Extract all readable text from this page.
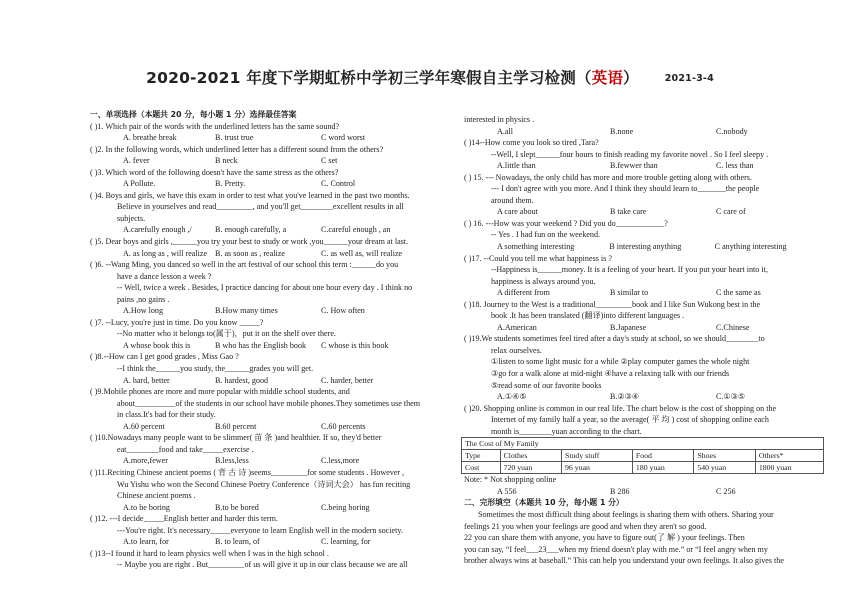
2020-2021 年度下学期虹桥中学初三学年寒假自主学习检测（英语）	2021-3-4
一、单项选择（本题共 20 分，每小题 1 分）选择最佳答案
( )1. Which pair of the words with the underlined letters has the same sound?
A. breathe break	B. trust true	C word worst
( )2. In the following words, which underlined letter has a different sound from the others?
A. fever	B neck	C set
( )3. Which word of the following doesn't have the same stress as the others?
A Pollute.	B. Pretty.	C. Control
( )4. Boys and girls, we have this exam in order to test what you've learned in the past two months.
Believe in yourselves and read_________, and you'll get________excellent results in all
subjects.
A.carefully enough ,/	B. enough carefully, a	C.careful enough , an
( )5. Dear boys and girls ,______you try your best to study or work ,you______your dream at last.
A. as long as , will realize B. as soon as , realize	C. as well as, will realize
( )6. --Wang Ming, you danced so well in the art festival of our school this term :______do you
have a dance lesson a week ?
-- Well, twice a week . Besides, I practice dancing for about one hour every day . I think no
pains ,no gains .
A.How long	B.How many times	C. How often
( )7. --Lucy, you're just in time. Do you know _____?
--No matter who it belongs to(属于)，put it on the shelf over there.
A whose book this is	B who has the English book	C whose is this book
( )8.--How can I get good grades , Miss Gao ?
--I think the______you study, the______grades you will get.
A. hard, better	B. hardest, good	C. harder, better
( )9.Mobile phones are more and more popular with middle school students, and
about__________of the students in our school have mobile phones.They sometimes use them
in class.It's bad for their study.
A.60 percent	B.60 percent	C.60 percents
( )10.Nowadays many people want to be slimmer( 苗 条 )and healthier. If so, they'd better
eat________food and take_____exercise .
A.more,fewer	B.less,less	C.less,more
( )11.Reciting Chinese ancient poems ( 背 古 诗 )seems_________for some students . However ,
Wu Yishu who won the Second Chinese Poetry Conference（诗词大会） has fun reciting
Chinese ancient poems .
A.to be boring	B.to be bored	C.being boring
( )12. ---I decide_____English better and harder this term.
---You're right. It's necessary_____everyone to learn English well in the modern society.
A.to learn, for	B. to learn, of	C. learning, for
( )13--I found it hard to learn physics well when I was in the high school .
-- Maybe you are right . But_________of us will give it up in our class because we are all
interested in physics .
A.all	B.none	C.nobody
( )14--How come you look so tired ,Tara?
--Well, I slept______four hours to finish reading my favorite novel . So I feel sleepy .
A.little than	B.fewwer than	C. less than
( ) 15. --- Nowadays, the only child has more and more trouble getting along with others.
--- I don't agree with you more. And I think they should learn to_______the people
around them.
A care about	B take care	C care of
( ) 16. ---How was your weekend ? Did you do____________?
-- Yes . I had fun on the weekend.
A something interesting	B interesting anything	C anything interesting
( )17. --Could you tell me what happiness is ?
--Happiness is______money. It is a feeling of your heart. If you put your heart into it,
happiness is always around you.
A different from	B similar to	C the same as
( )18. Journey to the West is a traditional_________book and I like Sun Wukong best in the
book .It has been translated (翻译)into different languages .
A.American	B.Japanese	C.Chinese
( )19.We students sometimes feel tired after a day's study at school, so we should________to
relax ourselves.
①listen to some light music for a while ②play computer games the whole night
③go for a walk alone at mid-night ④have a relaxing talk with our friends
⑤read some of our favorite books
A.①④⑤	B.②③④	C.①③⑤
( )20. Shopping online is common in our real life. The chart below is the cost of shopping on the
Internet of my family half a year, so the average( 平 均 ) cost of shopping online each
month is________yuan according to the chart.
The Cost of My Family					
Type	Clothes	Study stuff	Food	Shoes	Others*
Cost	720 yuan	96 yuan	180 yuan	540 yuan	1800 yuan
Note: * Not shopping online
A 556	B 286	C 256
二、完形填空（本题共 10 分，每小题 1 分）
Sometimes the most difficult thing about feelings is sharing them with others. Sharing your
feelings 21 you when your feelings are good and when they aren't so good.
22 you can share them with anyone, you have to figure out(了 解 ) your feelings. Then
you can say, “I feel___23___when my friend doesn't play with me.” or “I feel angry when my
brother always wins at baseball.” This can help you understand your own feelings. It also gives the
